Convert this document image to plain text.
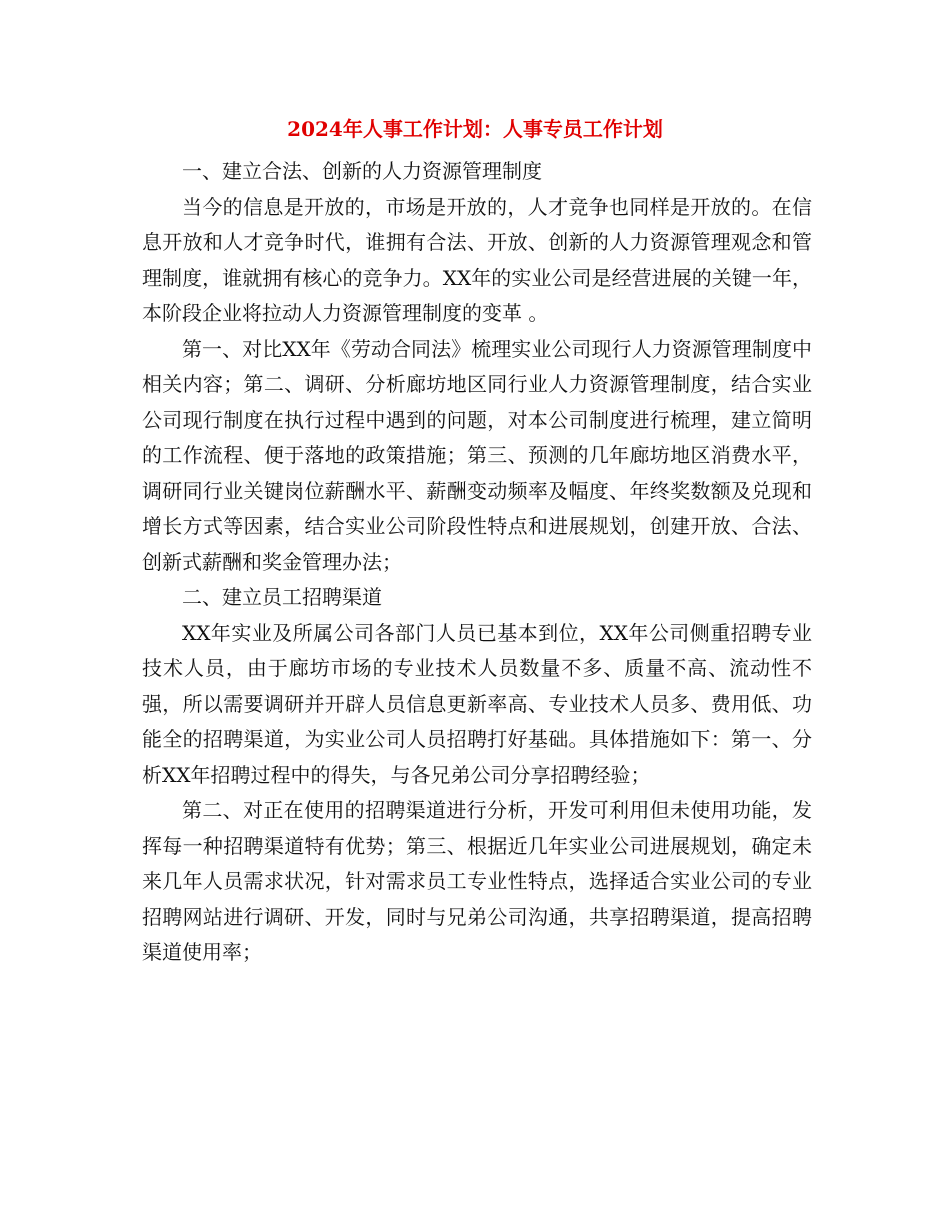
2024年人事工作计划：人事专员工作计划

一、建立合法、创新的人力资源管理制度

当今的信息是开放的，市场是开放的，人才竞争也同样是开放的。在信息开放和人才竞争时代，谁拥有合法、开放、创新的人力资源管理观念和管理制度，谁就拥有核心的竞争力。XX年的实业公司是经营进展的关键一年，本阶段企业将拉动人力资源管理制度的变革 。

第一、对比XX年《劳动合同法》梳理实业公司现行人力资源管理制度中相关内容；第二、调研、分析廊坊地区同行业人力资源管理制度，结合实业公司现行制度在执行过程中遇到的问题，对本公司制度进行梳理，建立简明的工作流程、便于落地的政策措施；第三、预测的几年廊坊地区消费水平，调研同行业关键岗位薪酬水平、薪酬变动频率及幅度、年终奖数额及兑现和增长方式等因素，结合实业公司阶段性特点和进展规划，创建开放、合法、创新式薪酬和奖金管理办法；

二、建立员工招聘渠道

XX年实业及所属公司各部门人员已基本到位，XX年公司侧重招聘专业技术人员，由于廊坊市场的专业技术人员数量不多、质量不高、流动性不强，所以需要调研并开辟人员信息更新率高、专业技术人员多、费用低、功能全的招聘渠道，为实业公司人员招聘打好基础。具体措施如下：第一、分析XX年招聘过程中的得失，与各兄弟公司分享招聘经验；

第二、对正在使用的招聘渠道进行分析，开发可利用但未使用功能，发挥每一种招聘渠道特有优势；第三、根据近几年实业公司进展规划，确定未来几年人员需求状况，针对需求员工专业性特点，选择适合实业公司的专业招聘网站进行调研、开发，同时与兄弟公司沟通，共享招聘渠道，提高招聘渠道使用率；
